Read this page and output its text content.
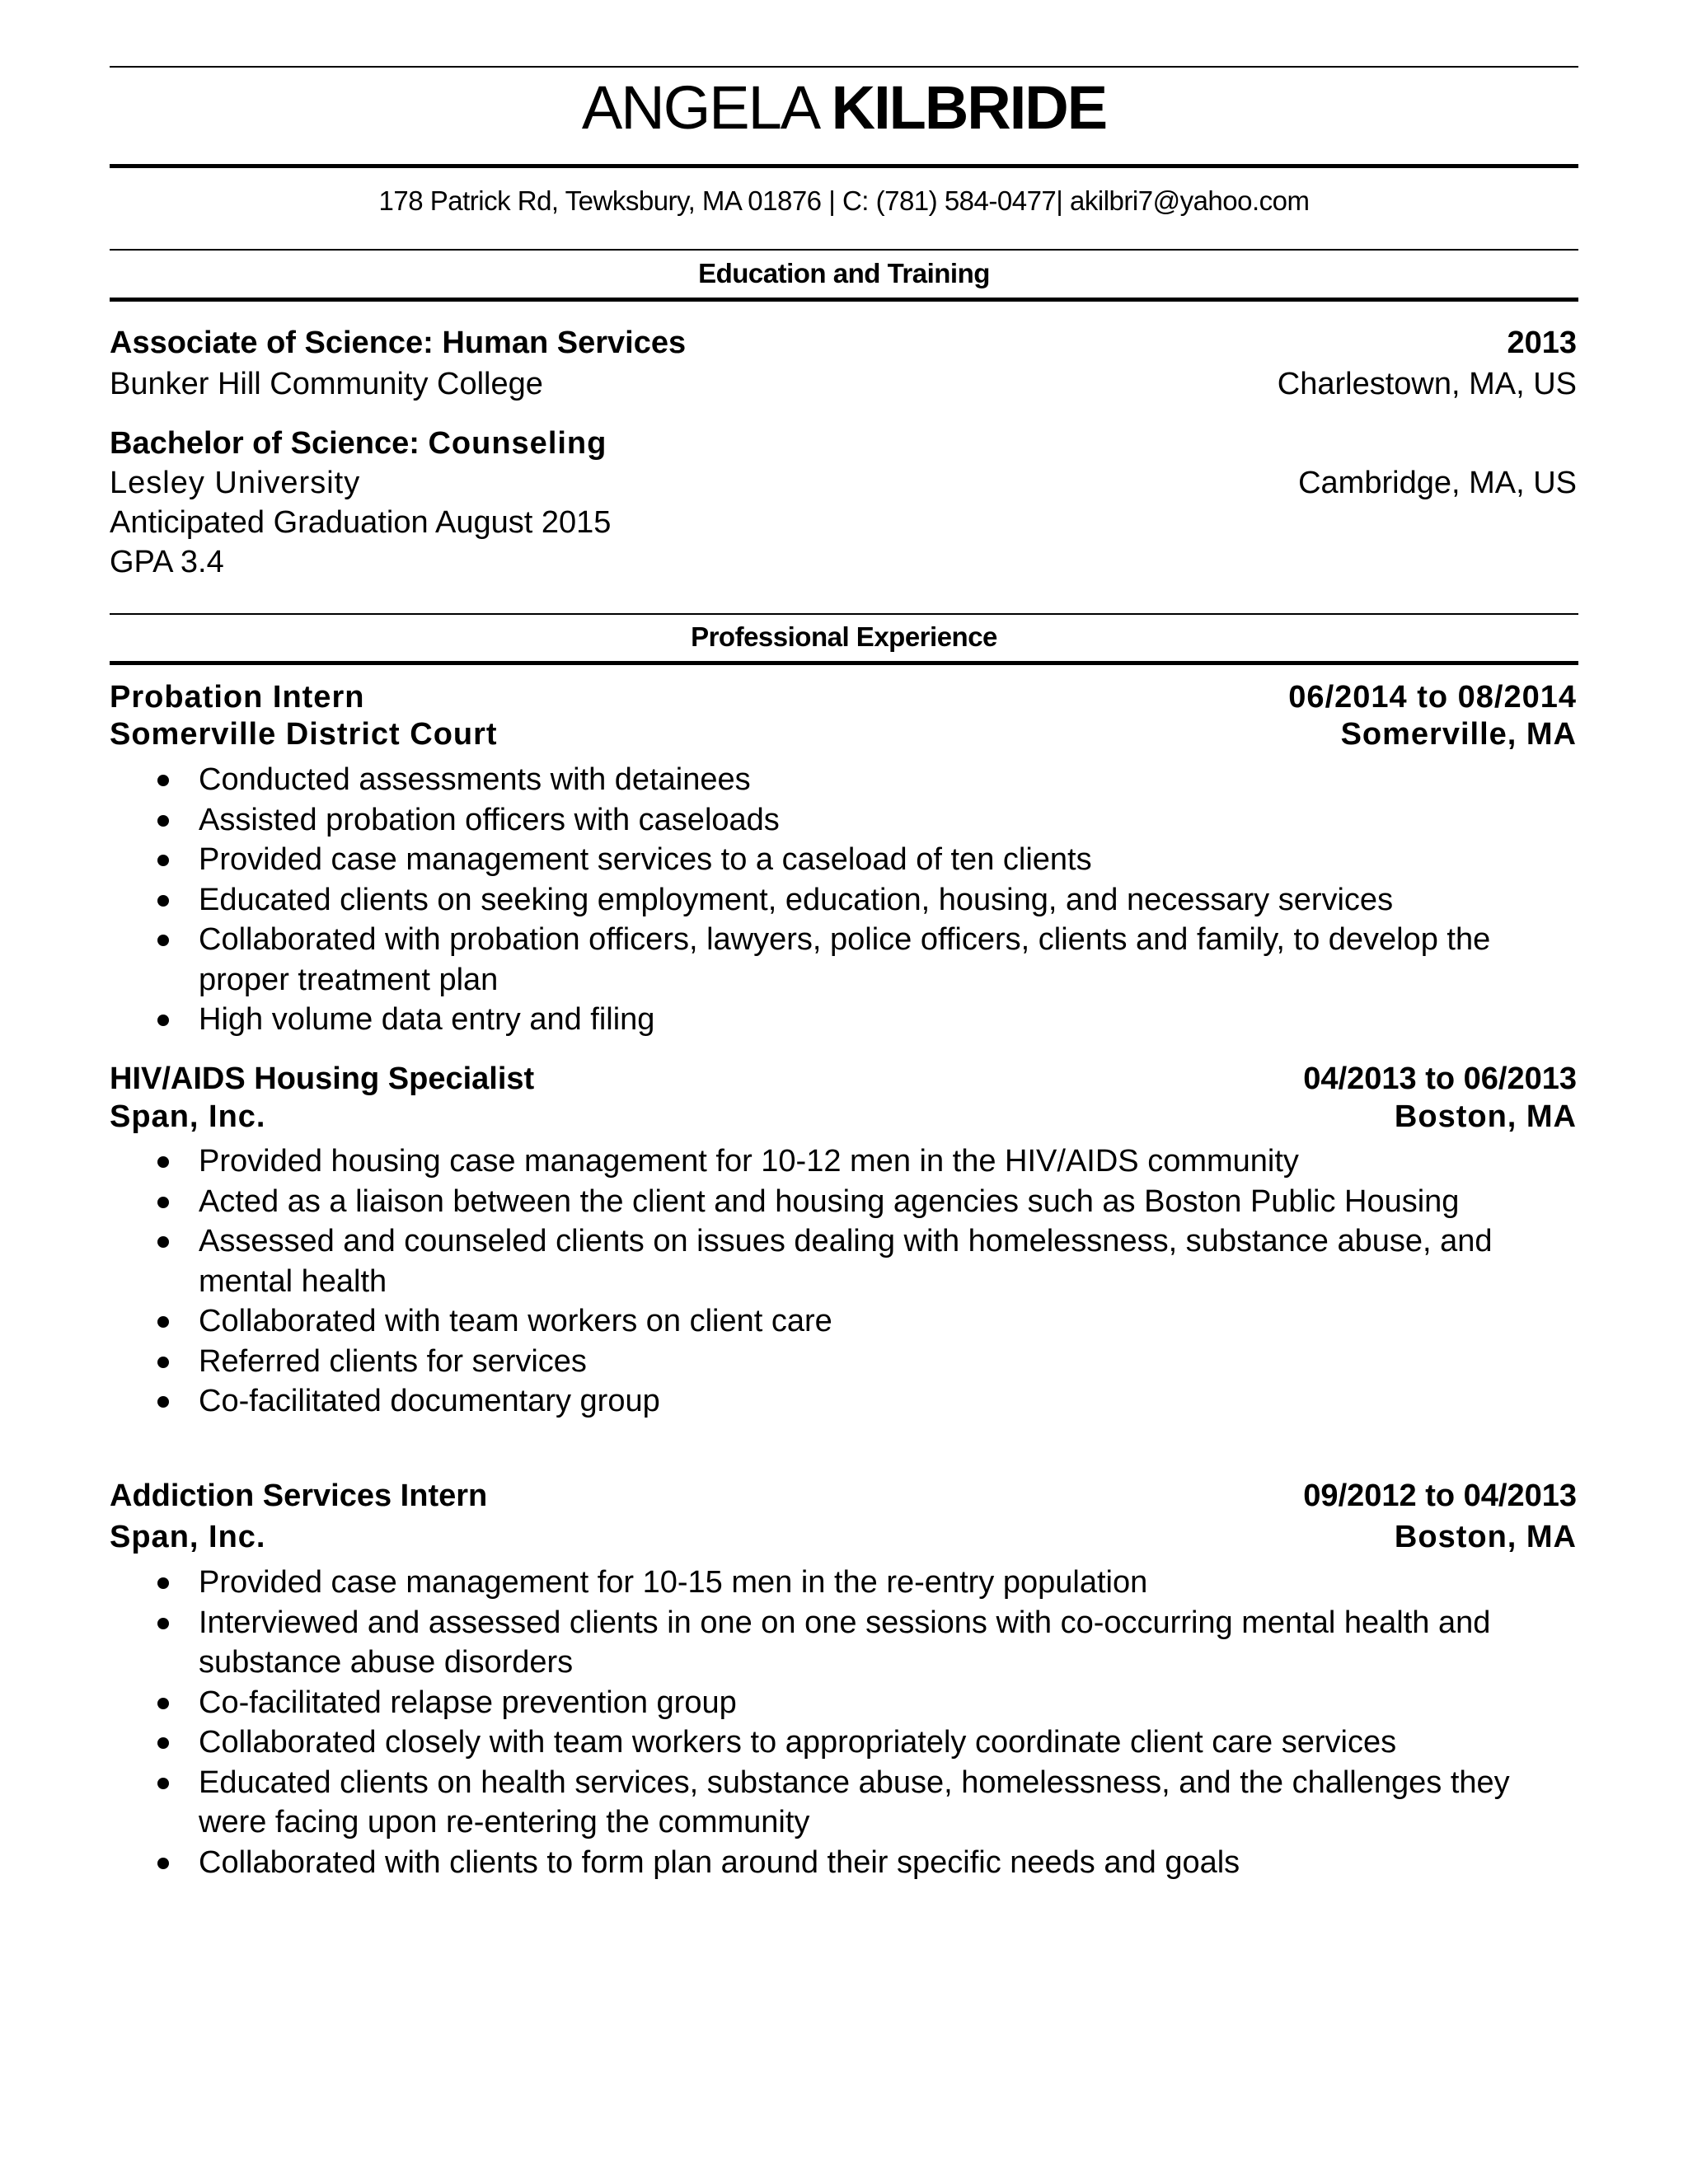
ANGELA KILBRIDE
178 Patrick Rd, Tewksbury, MA 01876 | C: (781) 584-0477| akilbri7@yahoo.com
Education and Training
Associate of Science: Human Services	2013
Bunker Hill Community College	Charlestown, MA, US
Bachelor of Science: Counseling
Lesley University	Cambridge, MA, US
Anticipated Graduation August 2015
GPA 3.4
Professional Experience
Probation Intern	06/2014 to 08/2014
Somerville District Court	Somerville, MA
Conducted assessments with detainees
Assisted probation officers with caseloads
Provided case management services to a caseload of ten clients
Educated clients on seeking employment, education, housing, and necessary services
Collaborated with probation officers, lawyers, police officers, clients and family, to develop the proper treatment plan
High volume data entry and filing
HIV/AIDS Housing Specialist	04/2013 to 06/2013
Span, Inc.	Boston, MA
Provided housing case management for 10-12 men in the HIV/AIDS community
Acted as a liaison between the client and housing agencies such as Boston Public Housing
Assessed and counseled clients on issues dealing with homelessness, substance abuse, and mental health
Collaborated with team workers on client care
Referred clients for services
Co-facilitated documentary group
Addiction Services Intern	09/2012 to 04/2013
Span, Inc.	Boston, MA
Provided case management for 10-15 men in the re-entry population
Interviewed and assessed clients in one on one sessions with co-occurring mental health and substance abuse disorders
Co-facilitated relapse prevention group
Collaborated closely with team workers to appropriately coordinate client care services
Educated clients on health services, substance abuse, homelessness, and the challenges they were facing upon re-entering the community
Collaborated with clients to form plan around their specific needs and goals
